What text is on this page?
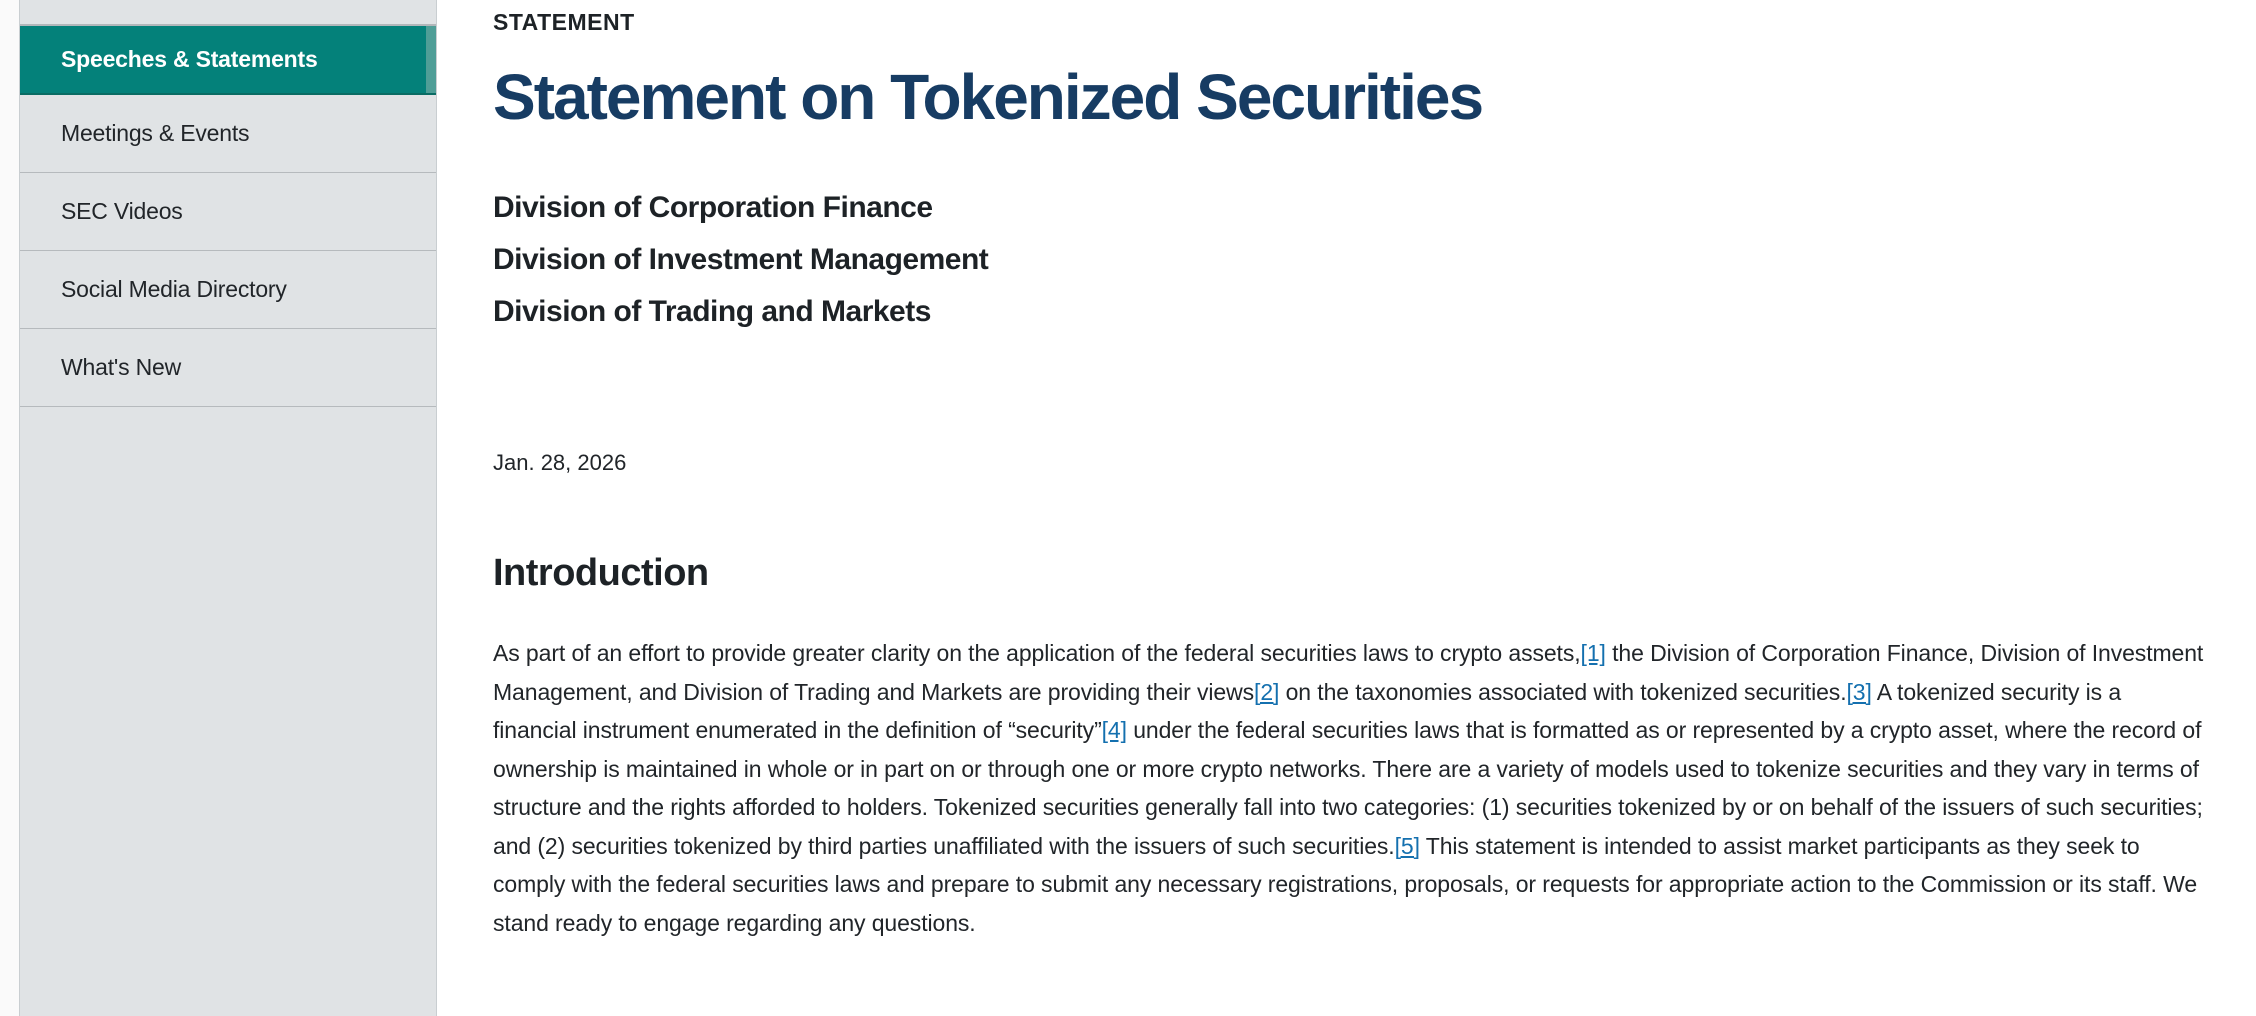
Speeches & Statements
Meetings & Events
SEC Videos
Social Media Directory
What's New
STATEMENT
Statement on Tokenized Securities
Division of Corporation Finance
Division of Investment Management
Division of Trading and Markets
Jan. 28, 2026
Introduction

As part of an effort to provide greater clarity on the application of the federal securities laws to crypto assets,[1] the Division of Corporation Finance, Division of Investment Management, and Division of Trading and Markets are providing their views[2] on the taxonomies associated with tokenized securities.[3] A tokenized security is a financial instrument enumerated in the definition of “security”[4] under the federal securities laws that is formatted as or represented by a crypto asset, where the record of ownership is maintained in whole or in part on or through one or more crypto networks. There are a variety of models used to tokenize securities and they vary in terms of structure and the rights afforded to holders. Tokenized securities generally fall into two categories: (1) securities tokenized by or on behalf of the issuers of such securities; and (2) securities tokenized by third parties unaffiliated with the issuers of such securities.[5] This statement is intended to assist market participants as they seek to comply with the federal securities laws and prepare to submit any necessary registrations, proposals, or requests for appropriate action to the Commission or its staff. We stand ready to engage regarding any questions.
